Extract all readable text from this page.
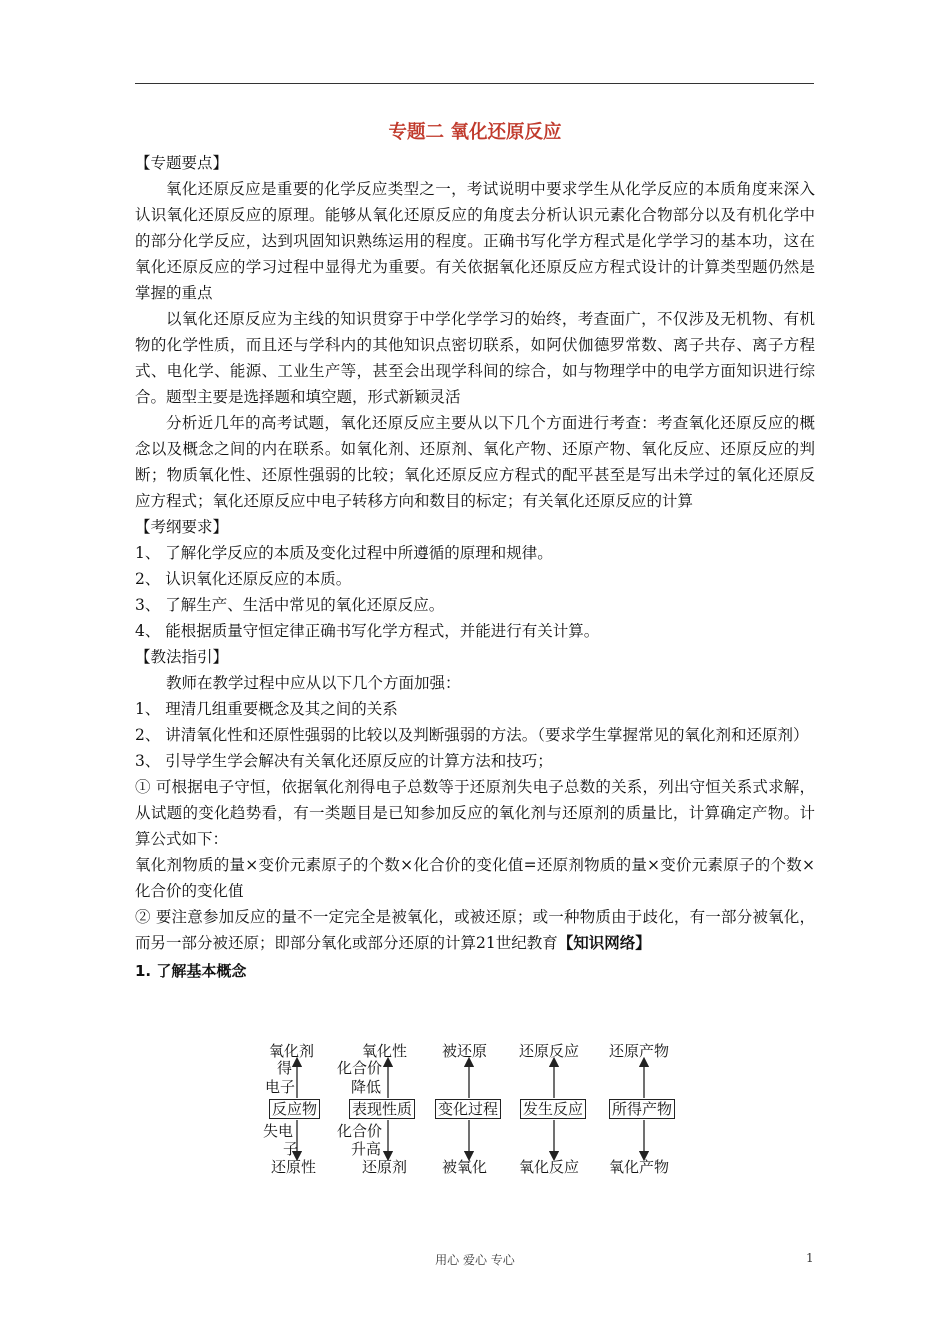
专题二 氧化还原反应
【专题要点】
氧化还原反应是重要的化学反应类型之一，考试说明中要求学生从化学反应的本质角度来深入认识氧化还原反应的原理。能够从氧化还原反应的角度去分析认识元素化合物部分以及有机化学中的部分化学反应，达到巩固知识熟练运用的程度。正确书写化学方程式是化学学习的基本功，这在氧化还原反应的学习过程中显得尤为重要。有关依据氧化还原反应方程式设计的计算类型题仍然是掌握的重点
以氧化还原反应为主线的知识贯穿于中学化学学习的始终，考查面广，不仅涉及无机物、有机物的化学性质，而且还与学科内的其他知识点密切联系，如阿伏伽德罗常数、离子共存、离子方程式、电化学、能源、工业生产等，甚至会出现学科间的综合，如与物理学中的电学方面知识进行综合。题型主要是选择题和填空题，形式新颖灵活
分析近几年的高考试题，氧化还原反应主要从以下几个方面进行考查：考查氧化还原反应的概念以及概念之间的内在联系。如氧化剂、还原剂、氧化产物、还原产物、氧化反应、还原反应的判断；物质氧化性、还原性强弱的比较；氧化还原反应方程式的配平甚至是写出未学过的氧化还原反应方程式；氧化还原反应中电子转移方向和数目的标定；有关氧化还原反应的计算
【考纲要求】
1、 了解化学反应的本质及变化过程中所遵循的原理和规律。
2、 认识氧化还原反应的本质。
3、 了解生产、生活中常见的氧化还原反应。
4、 能根据质量守恒定律正确书写化学方程式，并能进行有关计算。
【教法指引】
教师在教学过程中应从以下几个方面加强：
1、 理清几组重要概念及其之间的关系
2、 讲清氧化性和还原性强弱的比较以及判断强弱的方法。（要求学生掌握常见的氧化剂和还原剂）
3、 引导学生学会解决有关氧化还原反应的计算方法和技巧；
① 可根据电子守恒，依据氧化剂得电子总数等于还原剂失电子总数的关系，列出守恒关系式求解，从试题的变化趋势看，有一类题目是已知参加反应的氧化剂与还原剂的质量比，计算确定产物。计算公式如下：
氧化剂物质的量×变价元素原子的个数×化合价的变化值=还原剂物质的量×变价元素原子的个数×化合价的变化值
② 要注意参加反应的量不一定完全是被氧化，或被还原；或一种物质由于歧化，有一部分被氧化，而另一部分被还原；即部分氧化或部分还原的计算21世纪教育【知识网络】
1. 了解基本概念
氧化剂	氧化性 被还原 还原反应 还原产物
得
电子
化合价
降低
反应物 表现性质 变化过程 发生反应 所得产物
失电
子
化合价
升高
还原性	还原剂 被氧化 氧化反应 氧化产物
用心 爱心 专心	1
